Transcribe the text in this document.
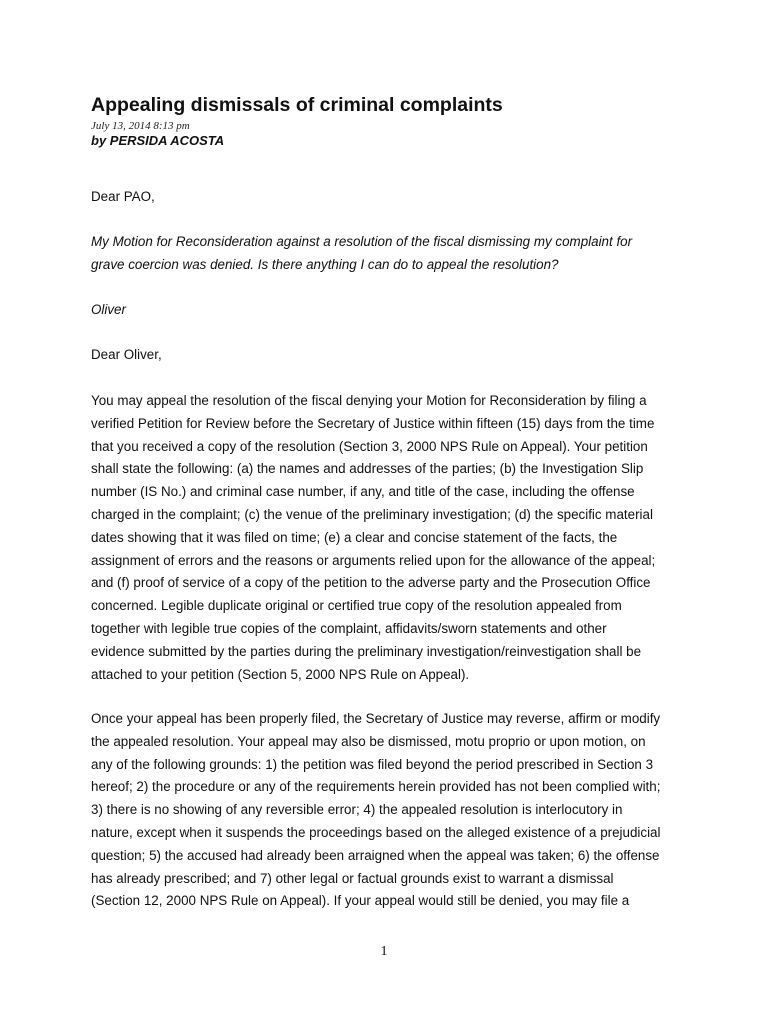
Appealing dismissals of criminal complaints
July 13, 2014 8:13 pm
by PERSIDA ACOSTA

Dear PAO,

My Motion for Reconsideration against a resolution of the fiscal dismissing my complaint for
grave coercion was denied. Is there anything I can do to appeal the resolution?

Oliver

Dear Oliver,

You may appeal the resolution of the fiscal denying your Motion for Reconsideration by filing a
verified Petition for Review before the Secretary of Justice within fifteen (15) days from the time
that you received a copy of the resolution (Section 3, 2000 NPS Rule on Appeal). Your petition
shall state the following: (a) the names and addresses of the parties; (b) the Investigation Slip
number (IS No.) and criminal case number, if any, and title of the case, including the offense
charged in the complaint; (c) the venue of the preliminary investigation; (d) the specific material
dates showing that it was filed on time; (e) a clear and concise statement of the facts, the
assignment of errors and the reasons or arguments relied upon for the allowance of the appeal;
and (f) proof of service of a copy of the petition to the adverse party and the Prosecution Office
concerned. Legible duplicate original or certified true copy of the resolution appealed from
together with legible true copies of the complaint, affidavits/sworn statements and other
evidence submitted by the parties during the preliminary investigation/reinvestigation shall be
attached to your petition (Section 5, 2000 NPS Rule on Appeal).

Once your appeal has been properly filed, the Secretary of Justice may reverse, affirm or modify
the appealed resolution. Your appeal may also be dismissed, motu proprio or upon motion, on
any of the following grounds: 1) the petition was filed beyond the period prescribed in Section 3
hereof; 2) the procedure or any of the requirements herein provided has not been complied with;
3) there is no showing of any reversible error; 4) the appealed resolution is interlocutory in
nature, except when it suspends the proceedings based on the alleged existence of a prejudicial
question; 5) the accused had already been arraigned when the appeal was taken; 6) the offense
has already prescribed; and 7) other legal or factual grounds exist to warrant a dismissal
(Section 12, 2000 NPS Rule on Appeal). If your appeal would still be denied, you may file a

1
